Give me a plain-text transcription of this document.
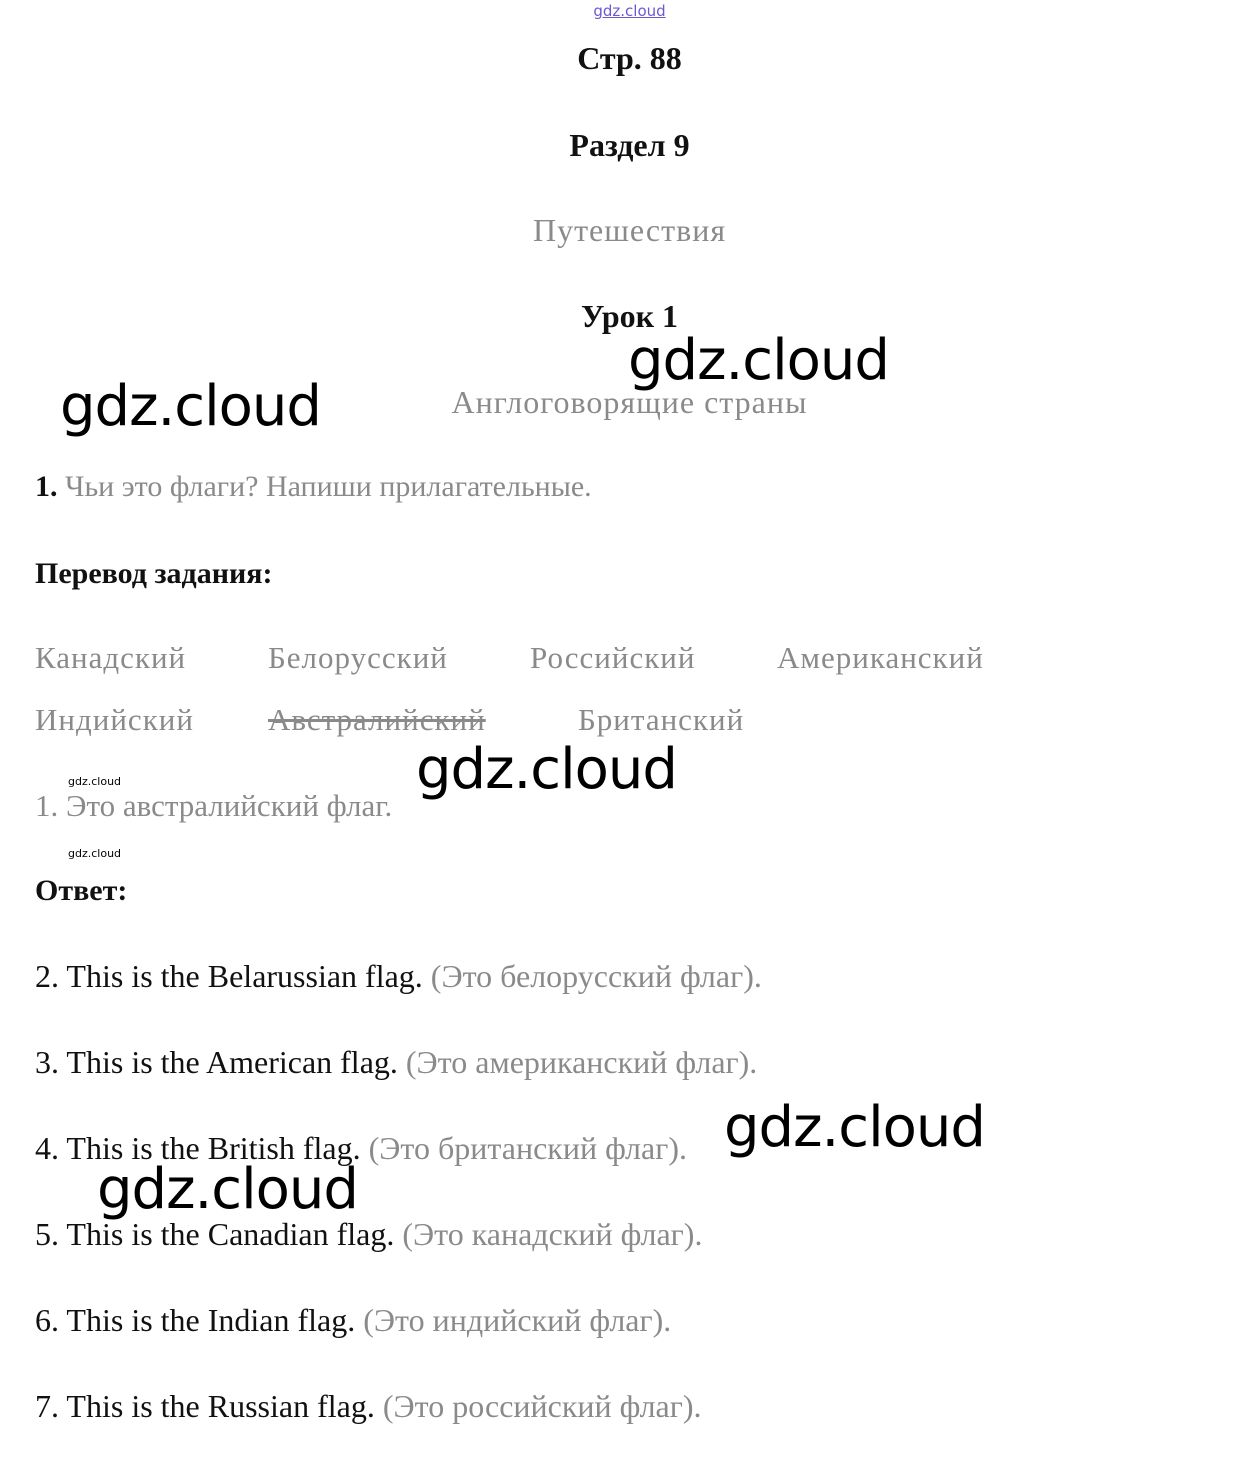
gdz.cloud
Стр. 88
Раздел 9
Путешествия
Урок 1
Англоговорящие страны
1. Чьи это флаги? Напиши прилагательные.
Перевод задания:
Канадский	Белорусский	Российский	Американский
Индийский Австралийский	Британский
1. Это австралийский флаг.
Ответ:
2. This is the Belarussian flag. (Это белорусский флаг).
3. This is the American flag. (Это американский флаг).
4. This is the British flag. (Это британский флаг).
5. This is the Canadian flag. (Это канадский флаг).
6. This is the Indian flag. (Это индийский флаг).
7. This is the Russian flag. (Это российский флаг).
gdz.cloud
gdz.cloud
gdz.cloud
gdz.cloud
gdz.cloud
gdz.cloud
gdz.cloud
